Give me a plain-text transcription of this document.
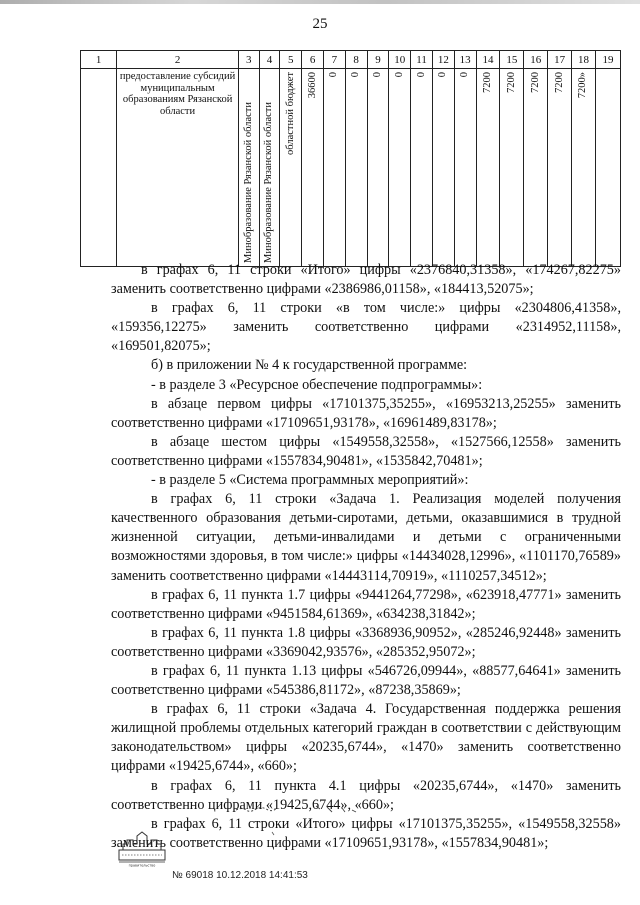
25
1	2	3	4	5	6	7	8	9	10	11	12	13	14	15	16	17	18	19

	предоставление субсидий муниципальным образованиям Рязанской области	Минобразование Рязанской области	Минобразование Рязанской области	областной бюджет	36600	0	0	0	0	0	0	0	7200	7200	7200	7200	7200»	

в графах 6, 11 строки «Итого» цифры «2376840,31358», «174267,82275» заменить соответственно цифрами «2386986,01158», «184413,52075»;

в графах 6, 11 строки «в том числе:» цифры «2304806,41358», «159356,12275» заменить соответственно цифрами «2314952,11158», «169501,82075»;

б) в приложении № 4 к государственной программе:

- в разделе 3 «Ресурсное обеспечение подпрограммы»:

в абзаце первом цифры «17101375,35255», «16953213,25255» заменить соответственно цифрами «17109651,93178», «16961489,83178»;

в абзаце шестом цифры «1549558,32558», «1527566,12558» заменить соответственно цифрами «1557834,90481», «1535842,70481»;

- в разделе 5 «Система программных мероприятий»:

в графах 6, 11 строки «Задача 1. Реализация моделей получения качественного образования детьми-сиротами, детьми, оказавшимися в трудной жизненной ситуации, детьми-инвалидами и детьми с ограниченными возможностями здоровья, в том числе:» цифры «14434028,12996», «1101170,76589» заменить соответственно цифрами «14443114,70919», «1110257,34512»;

в графах 6, 11 пункта 1.7 цифры «9441264,77298», «623918,47771» заменить соответственно цифрами «9451584,61369», «634238,31842»;

в графах 6, 11 пункта 1.8 цифры «3368936,90952», «285246,92448» заменить соответственно цифрами «3369042,93576», «285352,95072»;

в графах 6, 11 пункта 1.13 цифры «546726,09944», «88577,64641» заменить соответственно цифрами «545386,81172», «87238,35869»;

в графах 6, 11 строки «Задача 4. Государственная поддержка решения жилищной проблемы отдельных категорий граждан в соответствии с действующим законодательством» цифры «20235,6744», «1470» заменить соответственно цифрами «19425,6744», «660»;

в графах 6, 11 пункта 4.1 цифры «20235,6744», «1470» заменить соответственно цифрами «19425,6744», «660»;

в графах 6, 11 строки «Итого» цифры «17101375,35255», «1549558,32558» заменить соответственно цифрами «17109651,93178», «1557834,90481»;

правительство
№ 69018 10.12.2018 14:41:53
